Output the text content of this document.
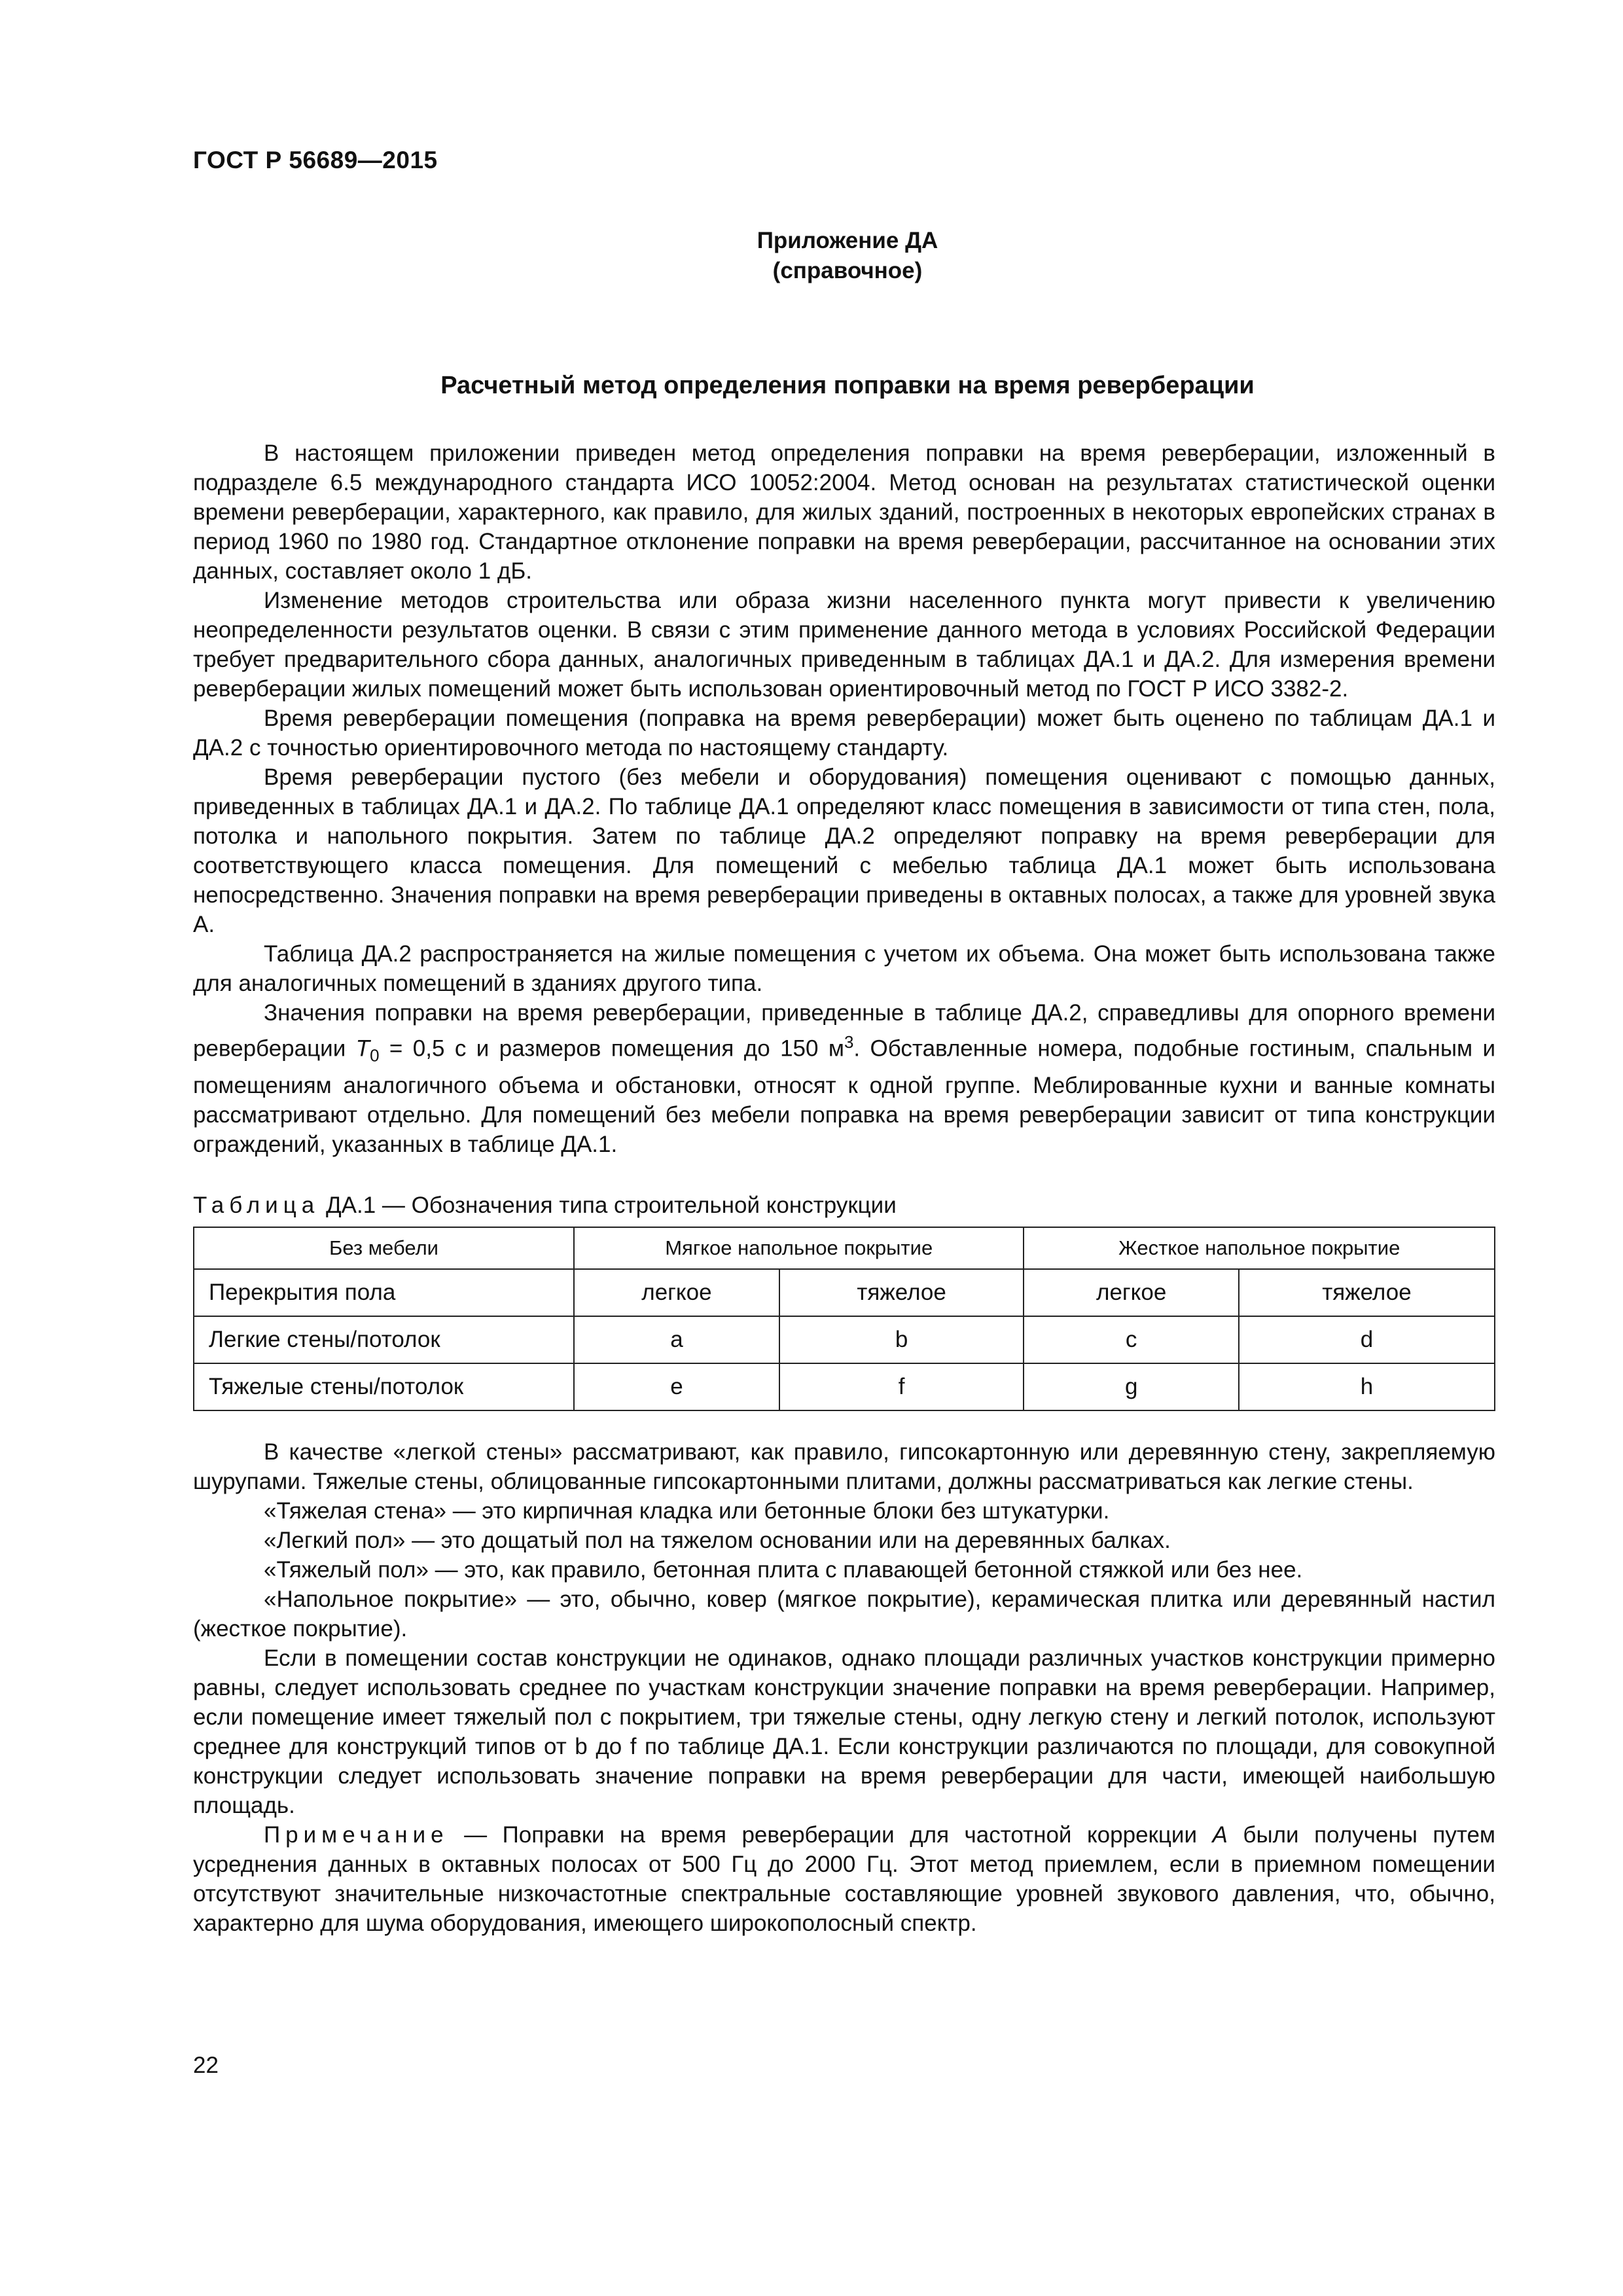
ГОСТ Р 56689—2015
Приложение ДА
(справочное)
Расчетный метод определения поправки на время реверберации

В настоящем приложении приведен метод определения поправки на время реверберации, изложенный в подразделе 6.5 международного стандарта ИСО 10052:2004. Метод основан на результатах статистической оценки времени реверберации, характерного, как правило, для жилых зданий, построенных в некоторых европейских странах в период 1960 по 1980 год. Стандартное отклонение поправки на время реверберации, рассчитанное на основании этих данных, составляет около 1 дБ.

Изменение методов строительства или образа жизни населенного пункта могут привести к увеличению неопределенности результатов оценки. В связи с этим применение данного метода в условиях Российской Федерации требует предварительного сбора данных, аналогичных приведенным в таблицах ДА.1 и ДА.2. Для измерения времени реверберации жилых помещений может быть использован ориентировочный метод по ГОСТ Р ИСО 3382-2.

Время реверберации помещения (поправка на время реверберации) может быть оценено по таблицам ДА.1 и ДА.2 с точностью ориентировочного метода по настоящему стандарту.

Время реверберации пустого (без мебели и оборудования) помещения оценивают с помощью данных, приведенных в таблицах ДА.1 и ДА.2. По таблице ДА.1 определяют класс помещения в зависимости от типа стен, пола, потолка и напольного покрытия. Затем по таблице ДА.2 определяют поправку на время реверберации для соответствующего класса помещения. Для помещений с мебелью таблица ДА.1 может быть использована непосредственно. Значения поправки на время реверберации приведены в октавных полосах, а также для уровней звука А.

Таблица ДА.2 распространяется на жилые помещения с учетом их объема. Она может быть использована также для аналогичных помещений в зданиях другого типа.

Значения поправки на время реверберации, приведенные в таблице ДА.2, справедливы для опорного времени реверберации $T_0 = 0,5$ с и размеров помещения до 150 $м^3$. Обставленные номера, подобные гостиным, спальным и помещениям аналогичного объема и обстановки, относят к одной группе. Меблированные кухни и ванные комнаты рассматривают отдельно. Для помещений без мебели поправка на время реверберации зависит от типа конструкции ограждений, указанных в таблице ДА.1.

Таблица ДА.1 — Обозначения типа строительной конструкции
Без мебели	Мягкое напольное покрытие		Жесткое напольное покрытие	
Перекрытия пола	легкое	тяжелое	легкое	тяжелое
Легкие стены/потолок	a	b	c	d
Тяжелые стены/потолок	e	f	g	h

В качестве «легкой стены» рассматривают, как правило, гипсокартонную или деревянную стену, закрепляемую шурупами. Тяжелые стены, облицованные гипсокартонными плитами, должны рассматриваться как легкие стены.

«Тяжелая стена» — это кирпичная кладка или бетонные блоки без штукатурки.

«Легкий пол» — это дощатый пол на тяжелом основании или на деревянных балках.

«Тяжелый пол» — это, как правило, бетонная плита с плавающей бетонной стяжкой или без нее.

«Напольное покрытие» — это, обычно, ковер (мягкое покрытие), керамическая плитка или деревянный настил (жесткое покрытие).

Если в помещении состав конструкции не одинаков, однако площади различных участков конструкции примерно равны, следует использовать среднее по участкам конструкции значение поправки на время реверберации. Например, если помещение имеет тяжелый пол с покрытием, три тяжелые стены, одну легкую стену и легкий потолок, используют среднее для конструкций типов от b до f по таблице ДА.1. Если конструкции различаются по площади, для совокупной конструкции следует использовать значение поправки на время реверберации для части, имеющей наибольшую площадь.

Примечание — Поправки на время реверберации для частотной коррекции А были получены путем усреднения данных в октавных полосах от 500 Гц до 2000 Гц. Этот метод приемлем, если в приемном помещении отсутствуют значительные низкочастотные спектральные составляющие уровней звукового давления, что, обычно, характерно для шума оборудования, имеющего широкополосный спектр.

22
